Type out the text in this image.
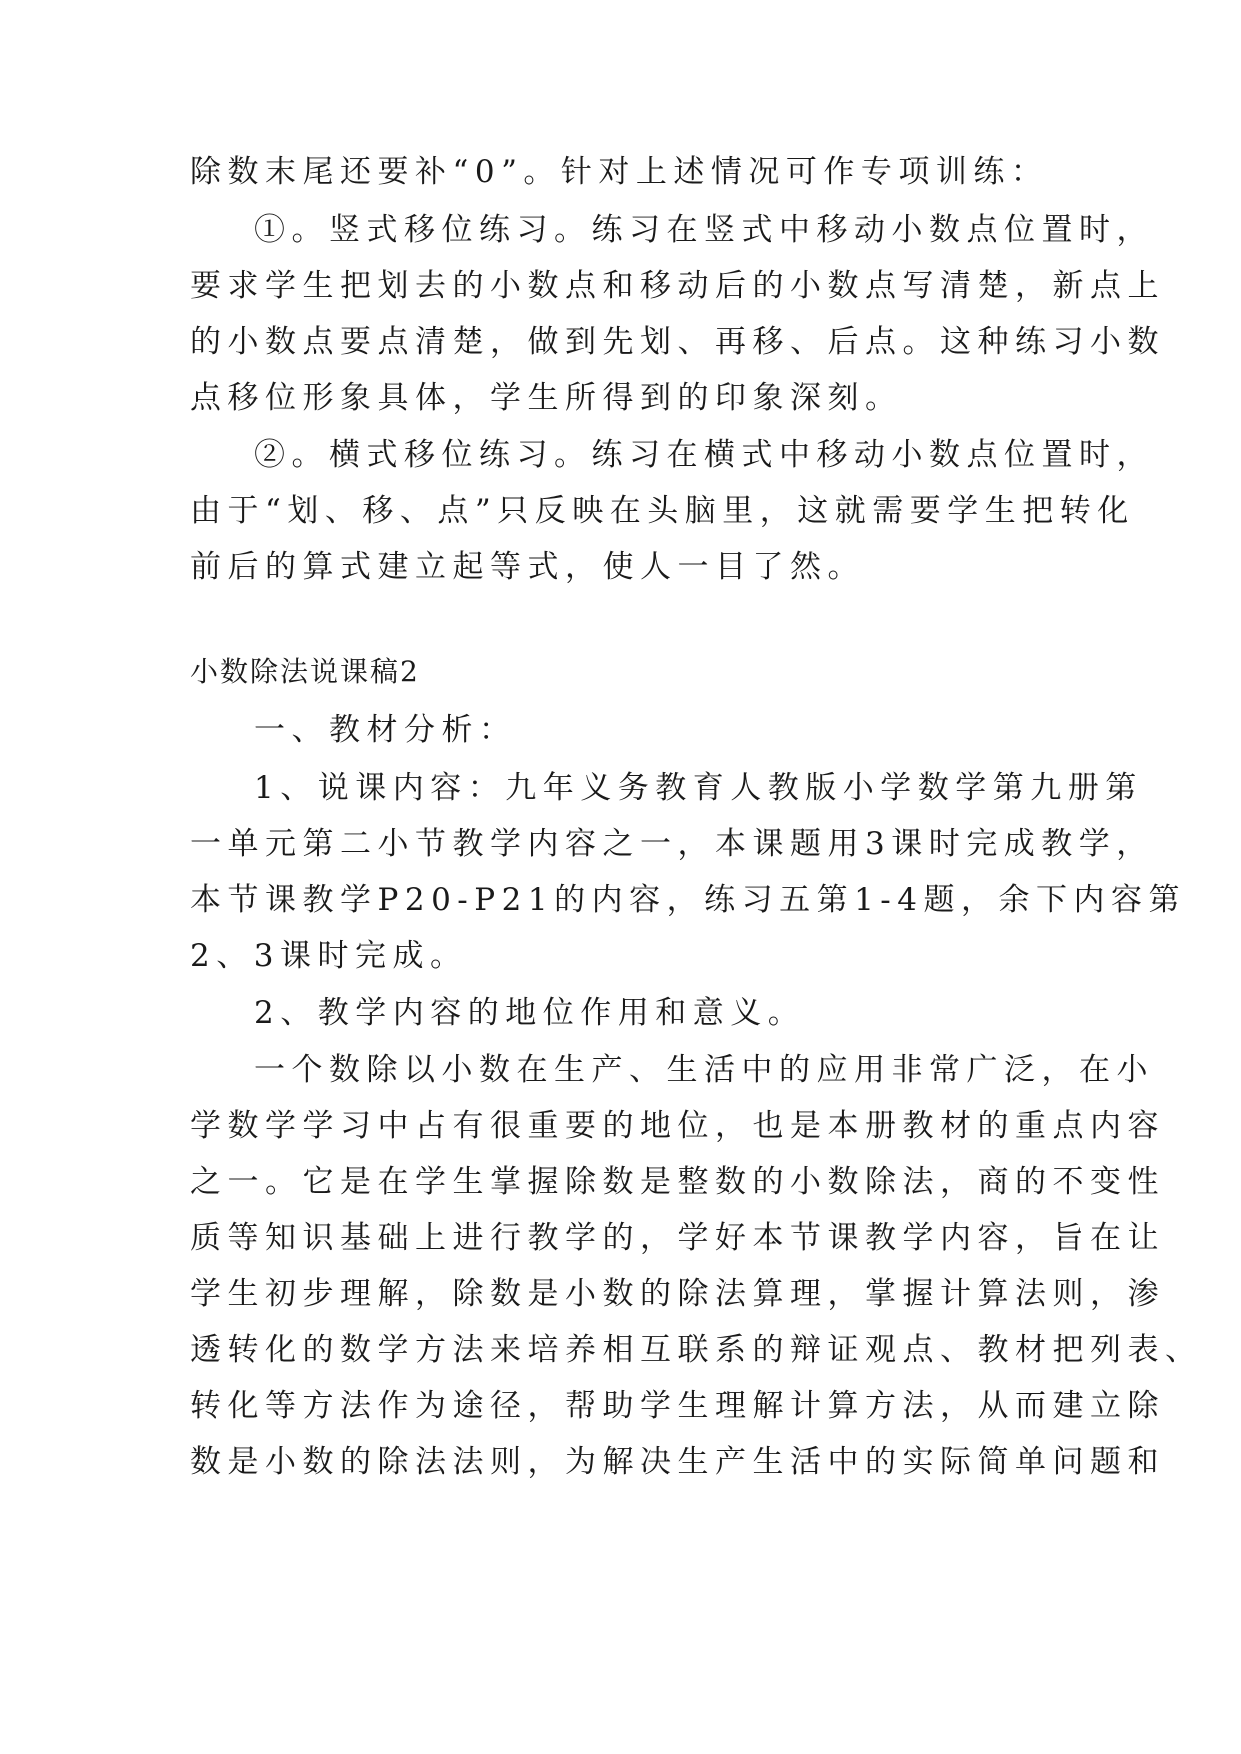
除数末尾还要补“0”。针对上述情况可作专项训练：
①。竖式移位练习。练习在竖式中移动小数点位置时，
要求学生把划去的小数点和移动后的小数点写清楚，新点上
的小数点要点清楚，做到先划、再移、后点。这种练习小数
点移位形象具体，学生所得到的印象深刻。
②。横式移位练习。练习在横式中移动小数点位置时，
由于“划、移、点”只反映在头脑里，这就需要学生把转化
前后的算式建立起等式，使人一目了然。
小数除法说课稿2
一、教材分析：
1、说课内容：九年义务教育人教版小学数学第九册第
一单元第二小节教学内容之一，本课题用3课时完成教学，
本节课教学P20-P21的内容，练习五第1-4题，余下内容第
2、3课时完成。
2、教学内容的地位作用和意义。
一个数除以小数在生产、生活中的应用非常广泛，在小
学数学学习中占有很重要的地位，也是本册教材的重点内容
之一。它是在学生掌握除数是整数的小数除法，商的不变性
质等知识基础上进行教学的，学好本节课教学内容，旨在让
学生初步理解，除数是小数的除法算理，掌握计算法则，渗
透转化的数学方法来培养相互联系的辩证观点、教材把列表、
转化等方法作为途径，帮助学生理解计算方法，从而建立除
数是小数的除法法则，为解决生产生活中的实际简单问题和
